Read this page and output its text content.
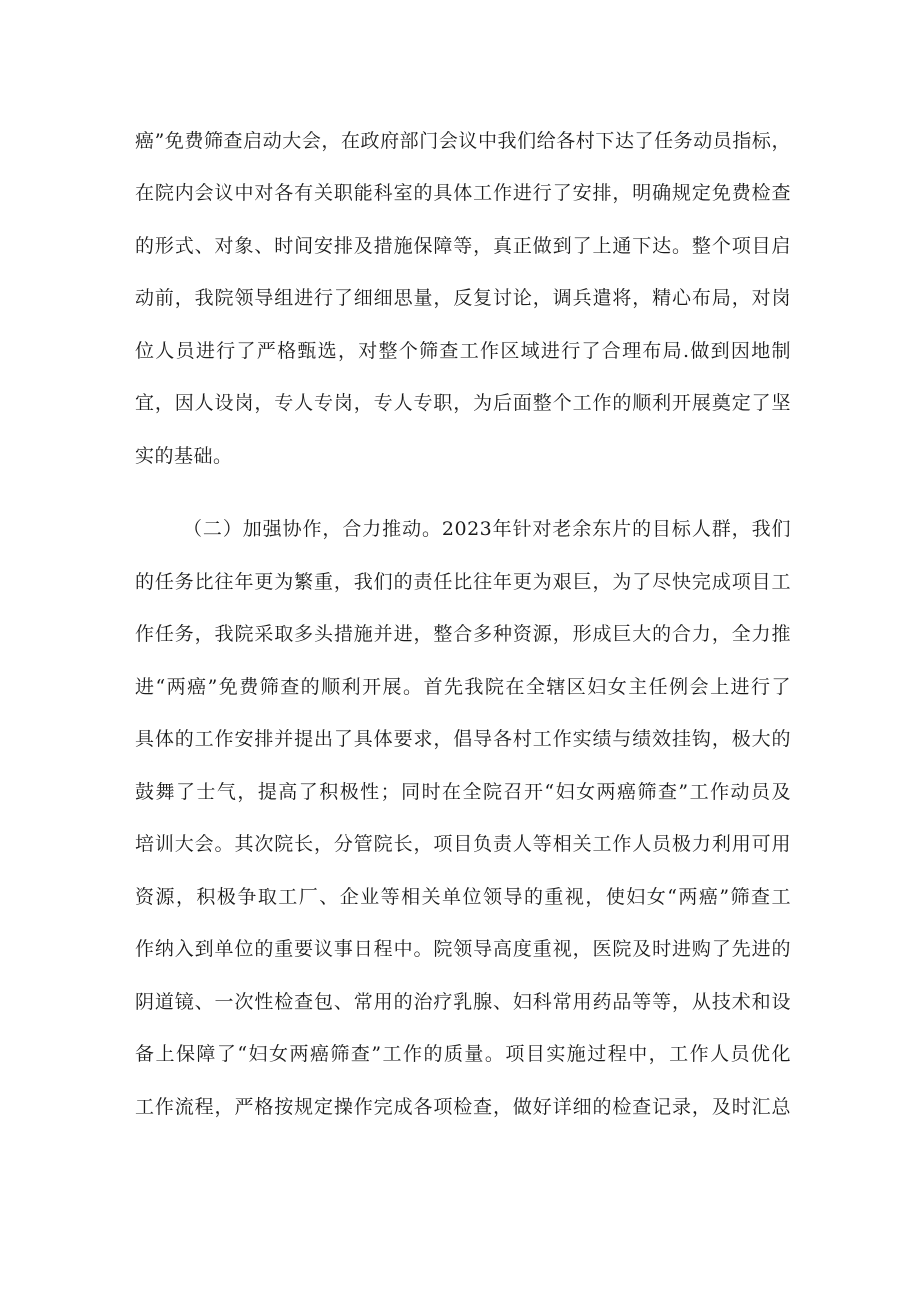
癌”免费筛查启动大会，在政府部门会议中我们给各村下达了任务动员指标，
在院内会议中对各有关职能科室的具体工作进行了安排，明确规定免费检查
的形式、对象、时间安排及措施保障等，真正做到了上通下达。整个项目启
动前，我院领导组进行了细细思量，反复讨论，调兵遣将，精心布局，对岗
位人员进行了严格甄选，对整个筛查工作区域进行了合理布局.做到因地制
宜，因人设岗，专人专岗，专人专职，为后面整个工作的顺利开展奠定了坚
实的基础。
（二）加强协作，合力推动。2023年针对老余东片的目标人群，我们
的任务比往年更为繁重，我们的责任比往年更为艰巨，为了尽快完成项目工
作任务，我院采取多头措施并进，整合多种资源，形成巨大的合力，全力推
进“两癌”免费筛查的顺利开展。首先我院在全辖区妇女主任例会上进行了
具体的工作安排并提出了具体要求，倡导各村工作实绩与绩效挂钩，极大的
鼓舞了士气，提高了积极性；同时在全院召开“妇女两癌筛查”工作动员及
培训大会。其次院长，分管院长，项目负责人等相关工作人员极力利用可用
资源，积极争取工厂、企业等相关单位领导的重视，使妇女“两癌”筛查工
作纳入到单位的重要议事日程中。院领导高度重视，医院及时进购了先进的
阴道镜、一次性检查包、常用的治疗乳腺、妇科常用药品等等，从技术和设
备上保障了“妇女两癌筛查”工作的质量。项目实施过程中，工作人员优化
工作流程，严格按规定操作完成各项检查，做好详细的检查记录，及时汇总
